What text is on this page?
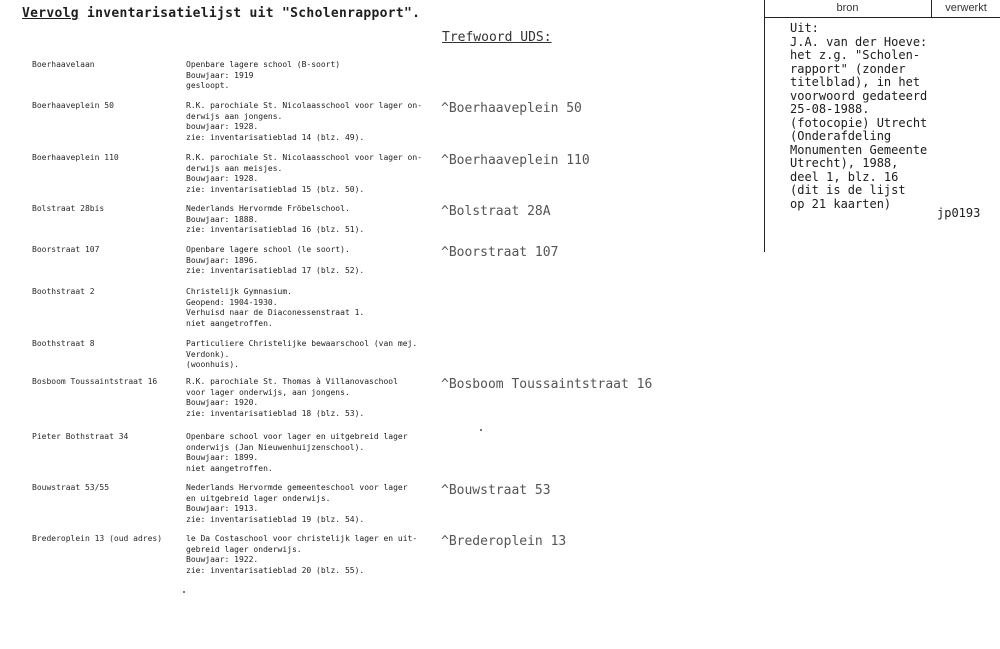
Vervolg inventarisatielijst uit "Scholenrapport".
Trefwoord UDS:
Boerhaavelaan	Openbare lagere school (B-soort)
Bouwjaar: 1919
gesloopt.
Boerhaaveplein 50	R.K. parochiale St. Nicolaasschool voor lager on-
derwijs aan jongens.
bouwjaar: 1928.
zie: inventarisatieblad 14 (blz. 49).
^Boerhaaveplein 50
Boerhaaveplein 110	R.K. parochiale St. Nicolaasschool voor lager on-
derwijs aan meisjes.
Bouwjaar: 1928.
zie: inventarisatieblad 15 (blz. 50).
^Boerhaaveplein 110
Bolstraat 28bis	Nederlands Hervormde Fröbelschool.
Bouwjaar: 1888.
zie: inventarisatieblad 16 (blz. 51).
^Bolstraat 28A
Boorstraat 107	Openbare lagere school (le soort).
Bouwjaar: 1896.
zie: inventarisatieblad 17 (blz. 52).
^Boorstraat 107
Boothstraat 2	Christelijk Gymnasium.
Geopend: 1904-1930.
Verhuisd naar de Diaconessenstraat 1.
niet aangetroffen.
Boothstraat 8	Particuliere Christelijke bewaarschool (van mej.
Verdonk).
(woonhuis).
Bosboom Toussaintstraat 16	R.K. parochiale St. Thomas à Villanovaschool
voor lager onderwijs, aan jongens.
Bouwjaar: 1920.
zie: inventarisatieblad 18 (blz. 53).
^Bosboom Toussaintstraat 16
Pieter Bothstraat 34	Openbare school voor lager en uitgebreid lager
onderwijs (Jan Nieuwenhuijzenschool).
Bouwjaar: 1899.
niet aangetroffen.
Bouwstraat 53/55	Nederlands Hervormde gemeenteschool voor lager
en uitgebreid lager onderwijs.
Bouwjaar: 1913.
zie: inventarisatieblad 19 (blz. 54).
^Bouwstraat 53
Brederoplein 13 (oud adres)	le Da Costaschool voor christelijk lager en uit-
gebreid lager onderwijs.
Bouwjaar: 1922.
zie: inventarisatieblad 20 (blz. 55).
^Brederoplein 13
bron	verwerkt
Uit:
J.A. van der Hoeve:
het z.g. "Scholen-
rapport" (zonder
titelblad), in het
voorwoord gedateerd
25-08-1988.
(fotocopie) Utrecht
(Onderafdeling
Monumenten Gemeente
Utrecht), 1988,
deel 1, blz. 16
(dit is de lijst
op 21 kaarten)
jp0193
